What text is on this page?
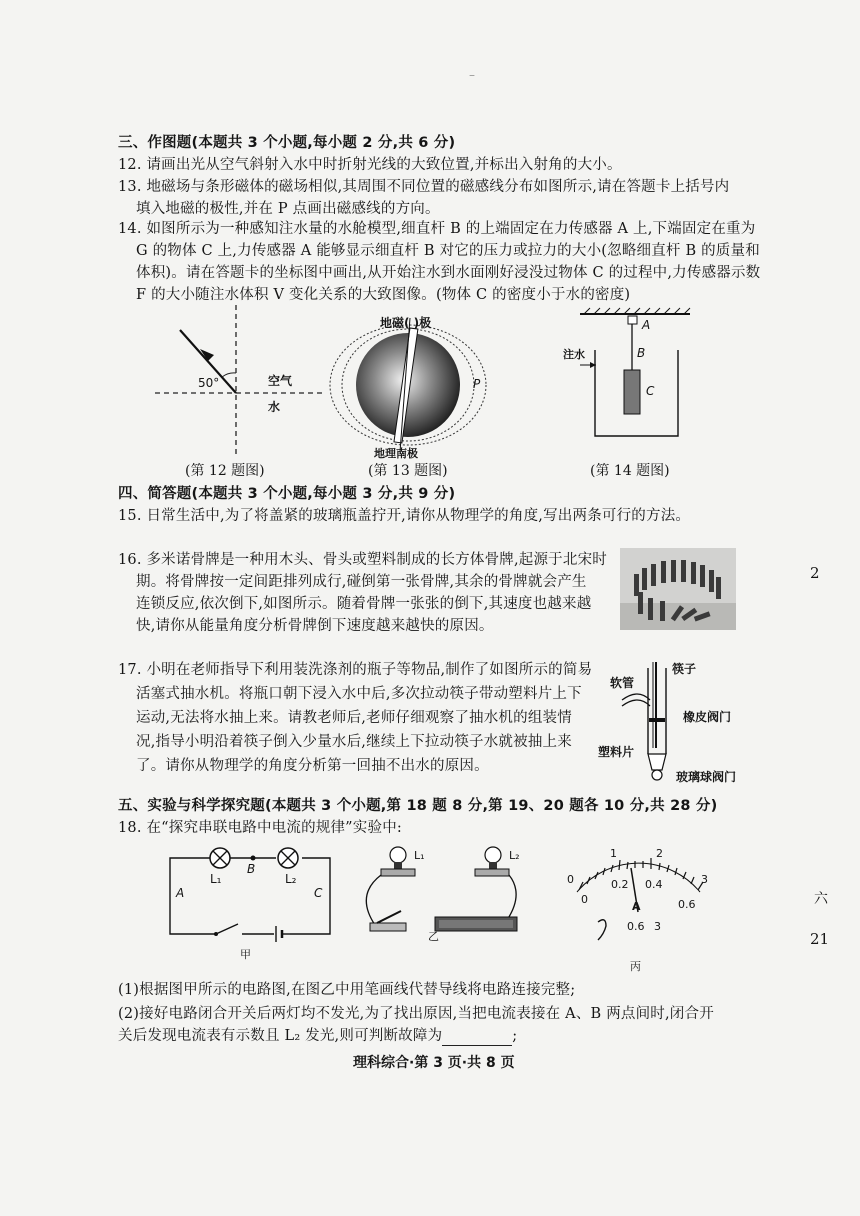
–
三、作图题(本题共 3 个小题,每小题 2 分,共 6 分)
12. 请画出光从空气斜射入水中时折射光线的大致位置,并标出入射角的大小。
13. 地磁场与条形磁体的磁场相似,其周围不同位置的磁感线分布如图所示,请在答题卡上括号内
填入地磁的极性,并在 P 点画出磁感线的方向。
14. 如图所示为一种感知注水量的水舱模型,细直杆 B 的上端固定在力传感器 A 上,下端固定在重为
G 的物体 C 上,力传感器 A 能够显示细直杆 B 对它的压力或拉力的大小(忽略细直杆 B 的质量和
体积)。请在答题卡的坐标图中画出,从开始注水到水面刚好浸没过物体 C 的过程中,力传感器示数
F 的大小随注水体积 V 变化关系的大致图像。(物体 C 的密度小于水的密度)
50°	空气
水
(第 12 题图)
地磁( )极
P
地理南极
(第 13 题图)
注水
A
B
C
(第 14 题图)
四、简答题(本题共 3 个小题,每小题 3 分,共 9 分)
15. 日常生活中,为了将盖紧的玻璃瓶盖拧开,请你从物理学的角度,写出两条可行的方法。
16. 多米诺骨牌是一种用木头、骨头或塑料制成的长方体骨牌,起源于北宋时
期。将骨牌按一定间距排列成行,碰倒第一张骨牌,其余的骨牌就会产生
连锁反应,依次倒下,如图所示。随着骨牌一张张的倒下,其速度也越来越
快,请你从能量角度分析骨牌倒下速度越来越快的原因。
17. 小明在老师指导下利用装洗涤剂的瓶子等物品,制作了如图所示的简易
活塞式抽水机。将瓶口朝下浸入水中后,多次拉动筷子带动塑料片上下
运动,无法将水抽上来。请教老师后,老师仔细观察了抽水机的组装情
况,指导小明沿着筷子倒入少量水后,继续上下拉动筷子水就被抽上来
了。请你从物理学的角度分析第一回抽不出水的原因。
软管
筷子
橡皮阀门
塑料片
玻璃球阀门
五、实验与科学探究题(本题共 3 个小题,第 18 题 8 分,第 19、20 题各 10 分,共 28 分)
18. 在“探究串联电路中电流的规律”实验中:
L₁
B
L₂
A	C
甲
L₁	L₂
乙
0
1	2
3
0
0.2 0.4
0.6
A
0.6 3
丙
(1)根据图甲所示的电路图,在图乙中用笔画线代替导线将电路连接完整;
(2)接好电路闭合开关后两灯均不发光,为了找出原因,当把电流表接在 A、B 两点间时,闭合开
关后发现电流表有示数且 L₂ 发光,则可判断故障为	;
2
六
21
理科综合·第 3 页·共 8 页
